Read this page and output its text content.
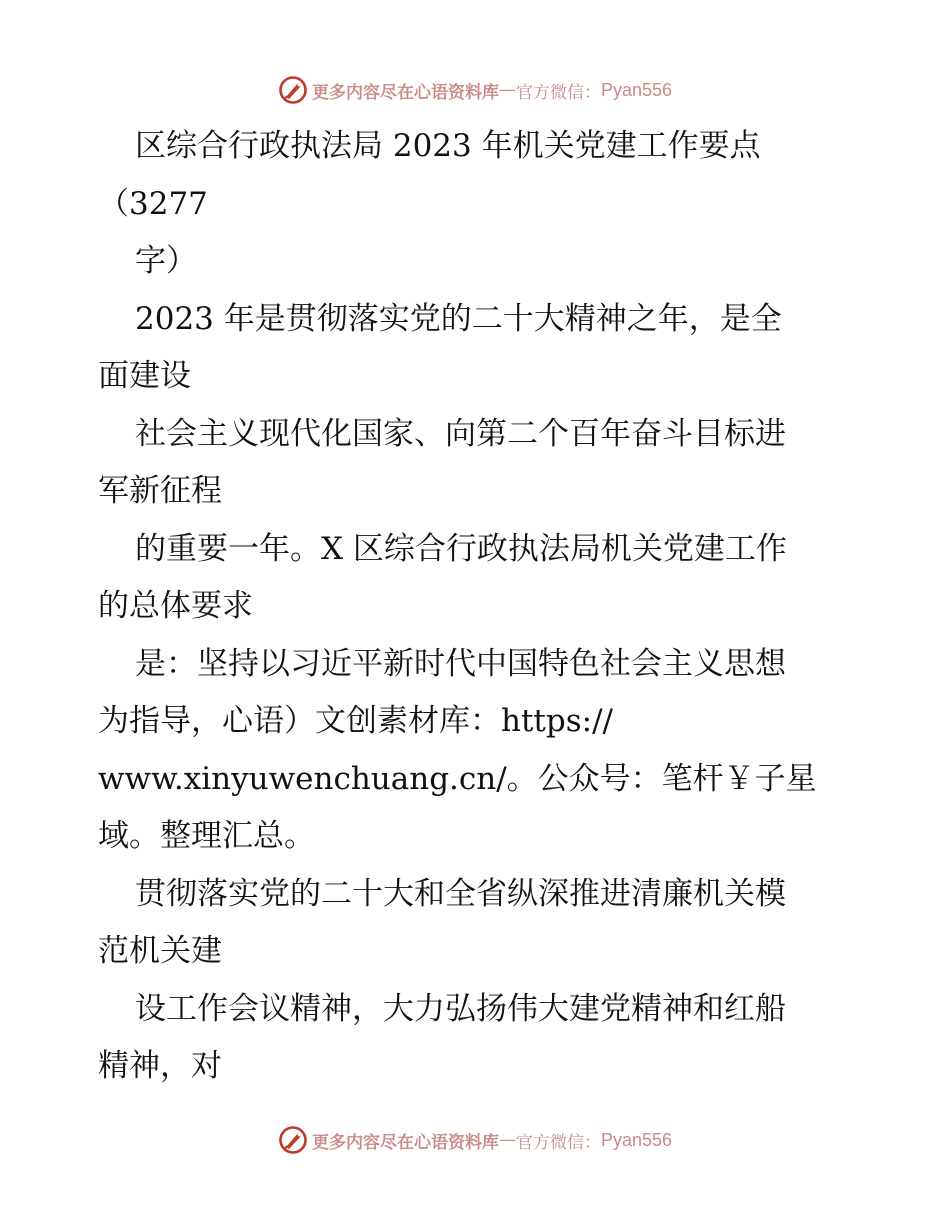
更多内容尽在心语资料库 — 官方微信： Pyan556
区综合行政执法局 2023 年机关党建工作要点
（3277
字）
2023 年是贯彻落实党的二十大精神之年，是全
面建设
社会主义现代化国家、向第二个百年奋斗目标进
军新征程
的重要一年。X 区综合行政执法局机关党建工作
的总体要求
是：坚持以习近平新时代中国特色社会主义思想
为指导，心语）文创素材库：https://
www.xinyuwenchuang.cn/。公众号：笔杆￥子星
域。整理汇总。
贯彻落实党的二十大和全省纵深推进清廉机关模
范机关建
设工作会议精神，大力弘扬伟大建党精神和红船
精神，对
更多内容尽在心语资料库 — 官方微信： Pyan556
